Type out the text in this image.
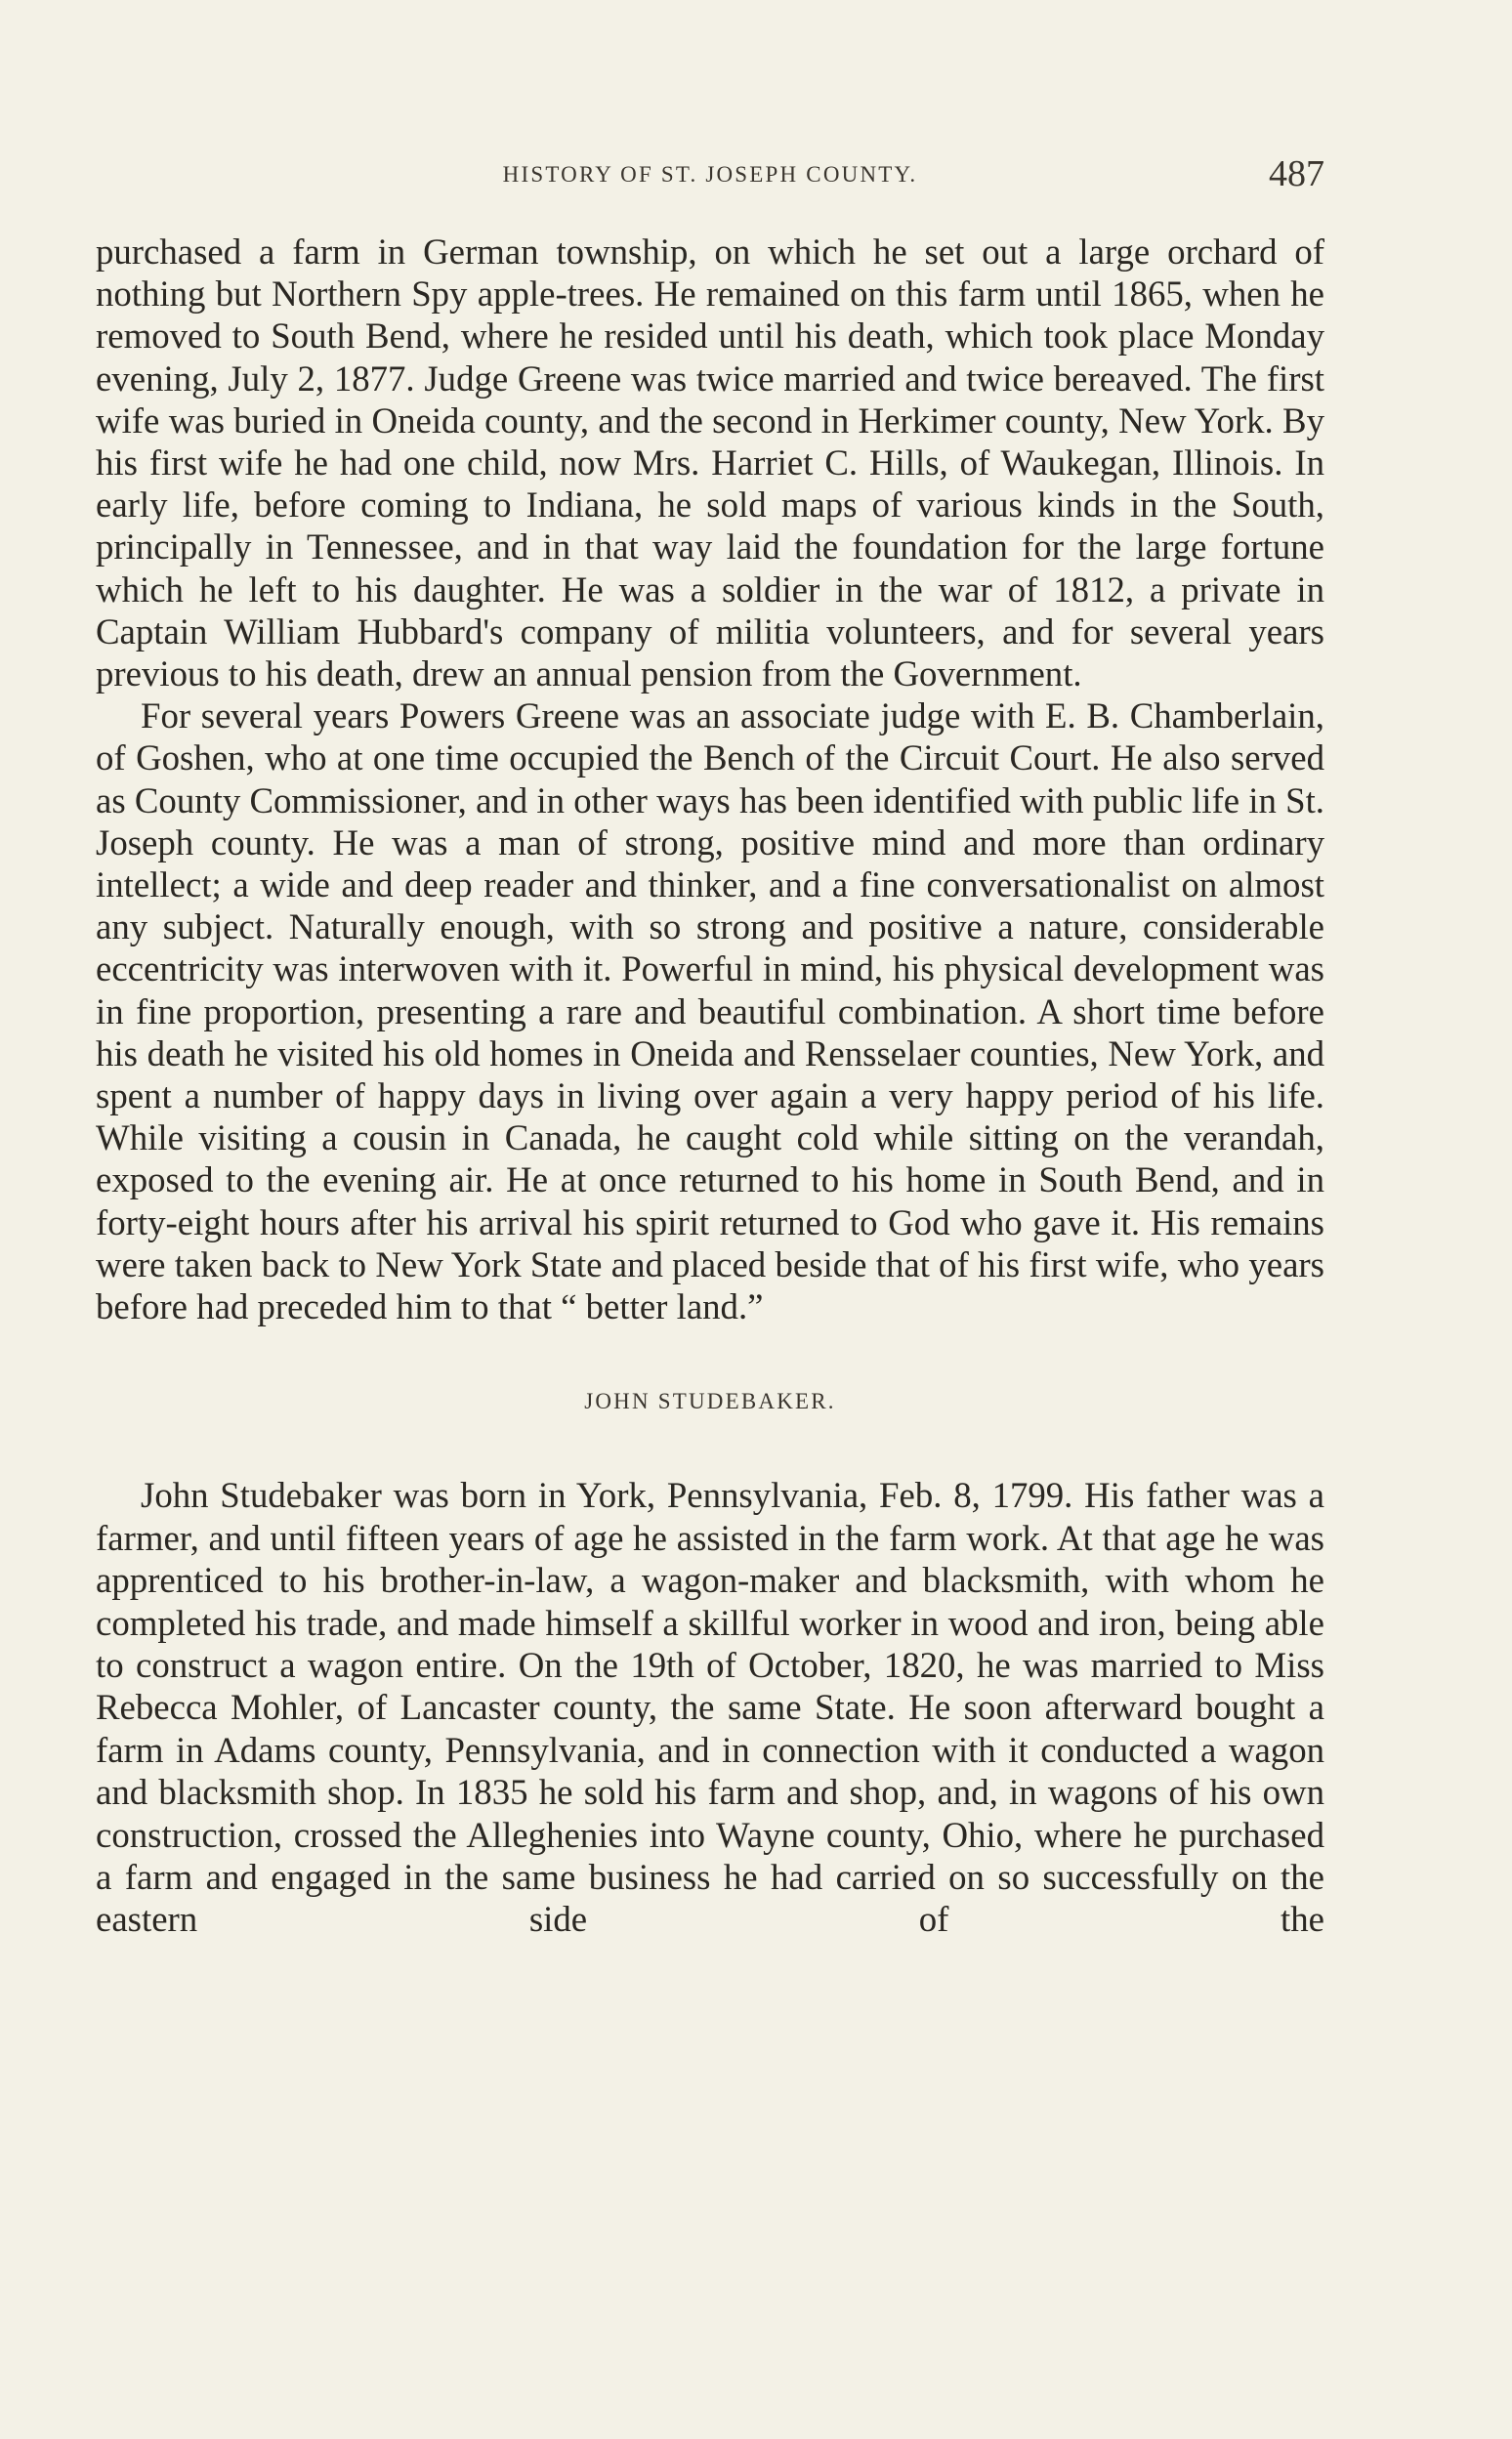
HISTORY OF ST. JOSEPH COUNTY.	487

purchased a farm in German township, on which he set out a large orchard of nothing but Northern Spy apple-trees. He remained on this farm until 1865, when he removed to South Bend, where he resided until his death, which took place Monday evening, July 2, 1877. Judge Greene was twice married and twice bereaved. The first wife was buried in Oneida county, and the second in Herkimer county, New York. By his first wife he had one child, now Mrs. Harriet C. Hills, of Waukegan, Illinois. In early life, before coming to Indiana, he sold maps of various kinds in the South, principally in Tennessee, and in that way laid the foundation for the large fortune which he left to his daughter. He was a soldier in the war of 1812, a private in Captain William Hubbard's company of militia volunteers, and for several years previous to his death, drew an annual pension from the Government.

For several years Powers Greene was an associate judge with E. B. Chamberlain, of Goshen, who at one time occupied the Bench of the Circuit Court. He also served as County Commissioner, and in other ways has been identified with public life in St. Joseph county. He was a man of strong, positive mind and more than ordinary intellect; a wide and deep reader and thinker, and a fine conversationalist on almost any subject. Naturally enough, with so strong and positive a nature, considerable eccentricity was interwoven with it. Powerful in mind, his physical development was in fine proportion, presenting a rare and beautiful combination. A short time before his death he visited his old homes in Oneida and Rensselaer counties, New York, and spent a number of happy days in living over again a very happy period of his life. While visiting a cousin in Canada, he caught cold while sitting on the verandah, exposed to the evening air. He at once returned to his home in South Bend, and in forty-eight hours after his arrival his spirit returned to God who gave it. His remains were taken back to New York State and placed beside that of his first wife, who years before had preceded him to that “ better land.”

JOHN STUDEBAKER.

John Studebaker was born in York, Pennsylvania, Feb. 8, 1799. His father was a farmer, and until fifteen years of age he assisted in the farm work. At that age he was apprenticed to his brother-in-law, a wagon-maker and blacksmith, with whom he completed his trade, and made himself a skillful worker in wood and iron, being able to construct a wagon entire. On the 19th of October, 1820, he was married to Miss Rebecca Mohler, of Lancaster county, the same State. He soon afterward bought a farm in Adams county, Pennsylvania, and in connection with it conducted a wagon and blacksmith shop. In 1835 he sold his farm and shop, and, in wagons of his own construction, crossed the Alleghenies into Wayne county, Ohio, where he purchased a farm and engaged in the same business he had carried on so successfully on the eastern side of the
